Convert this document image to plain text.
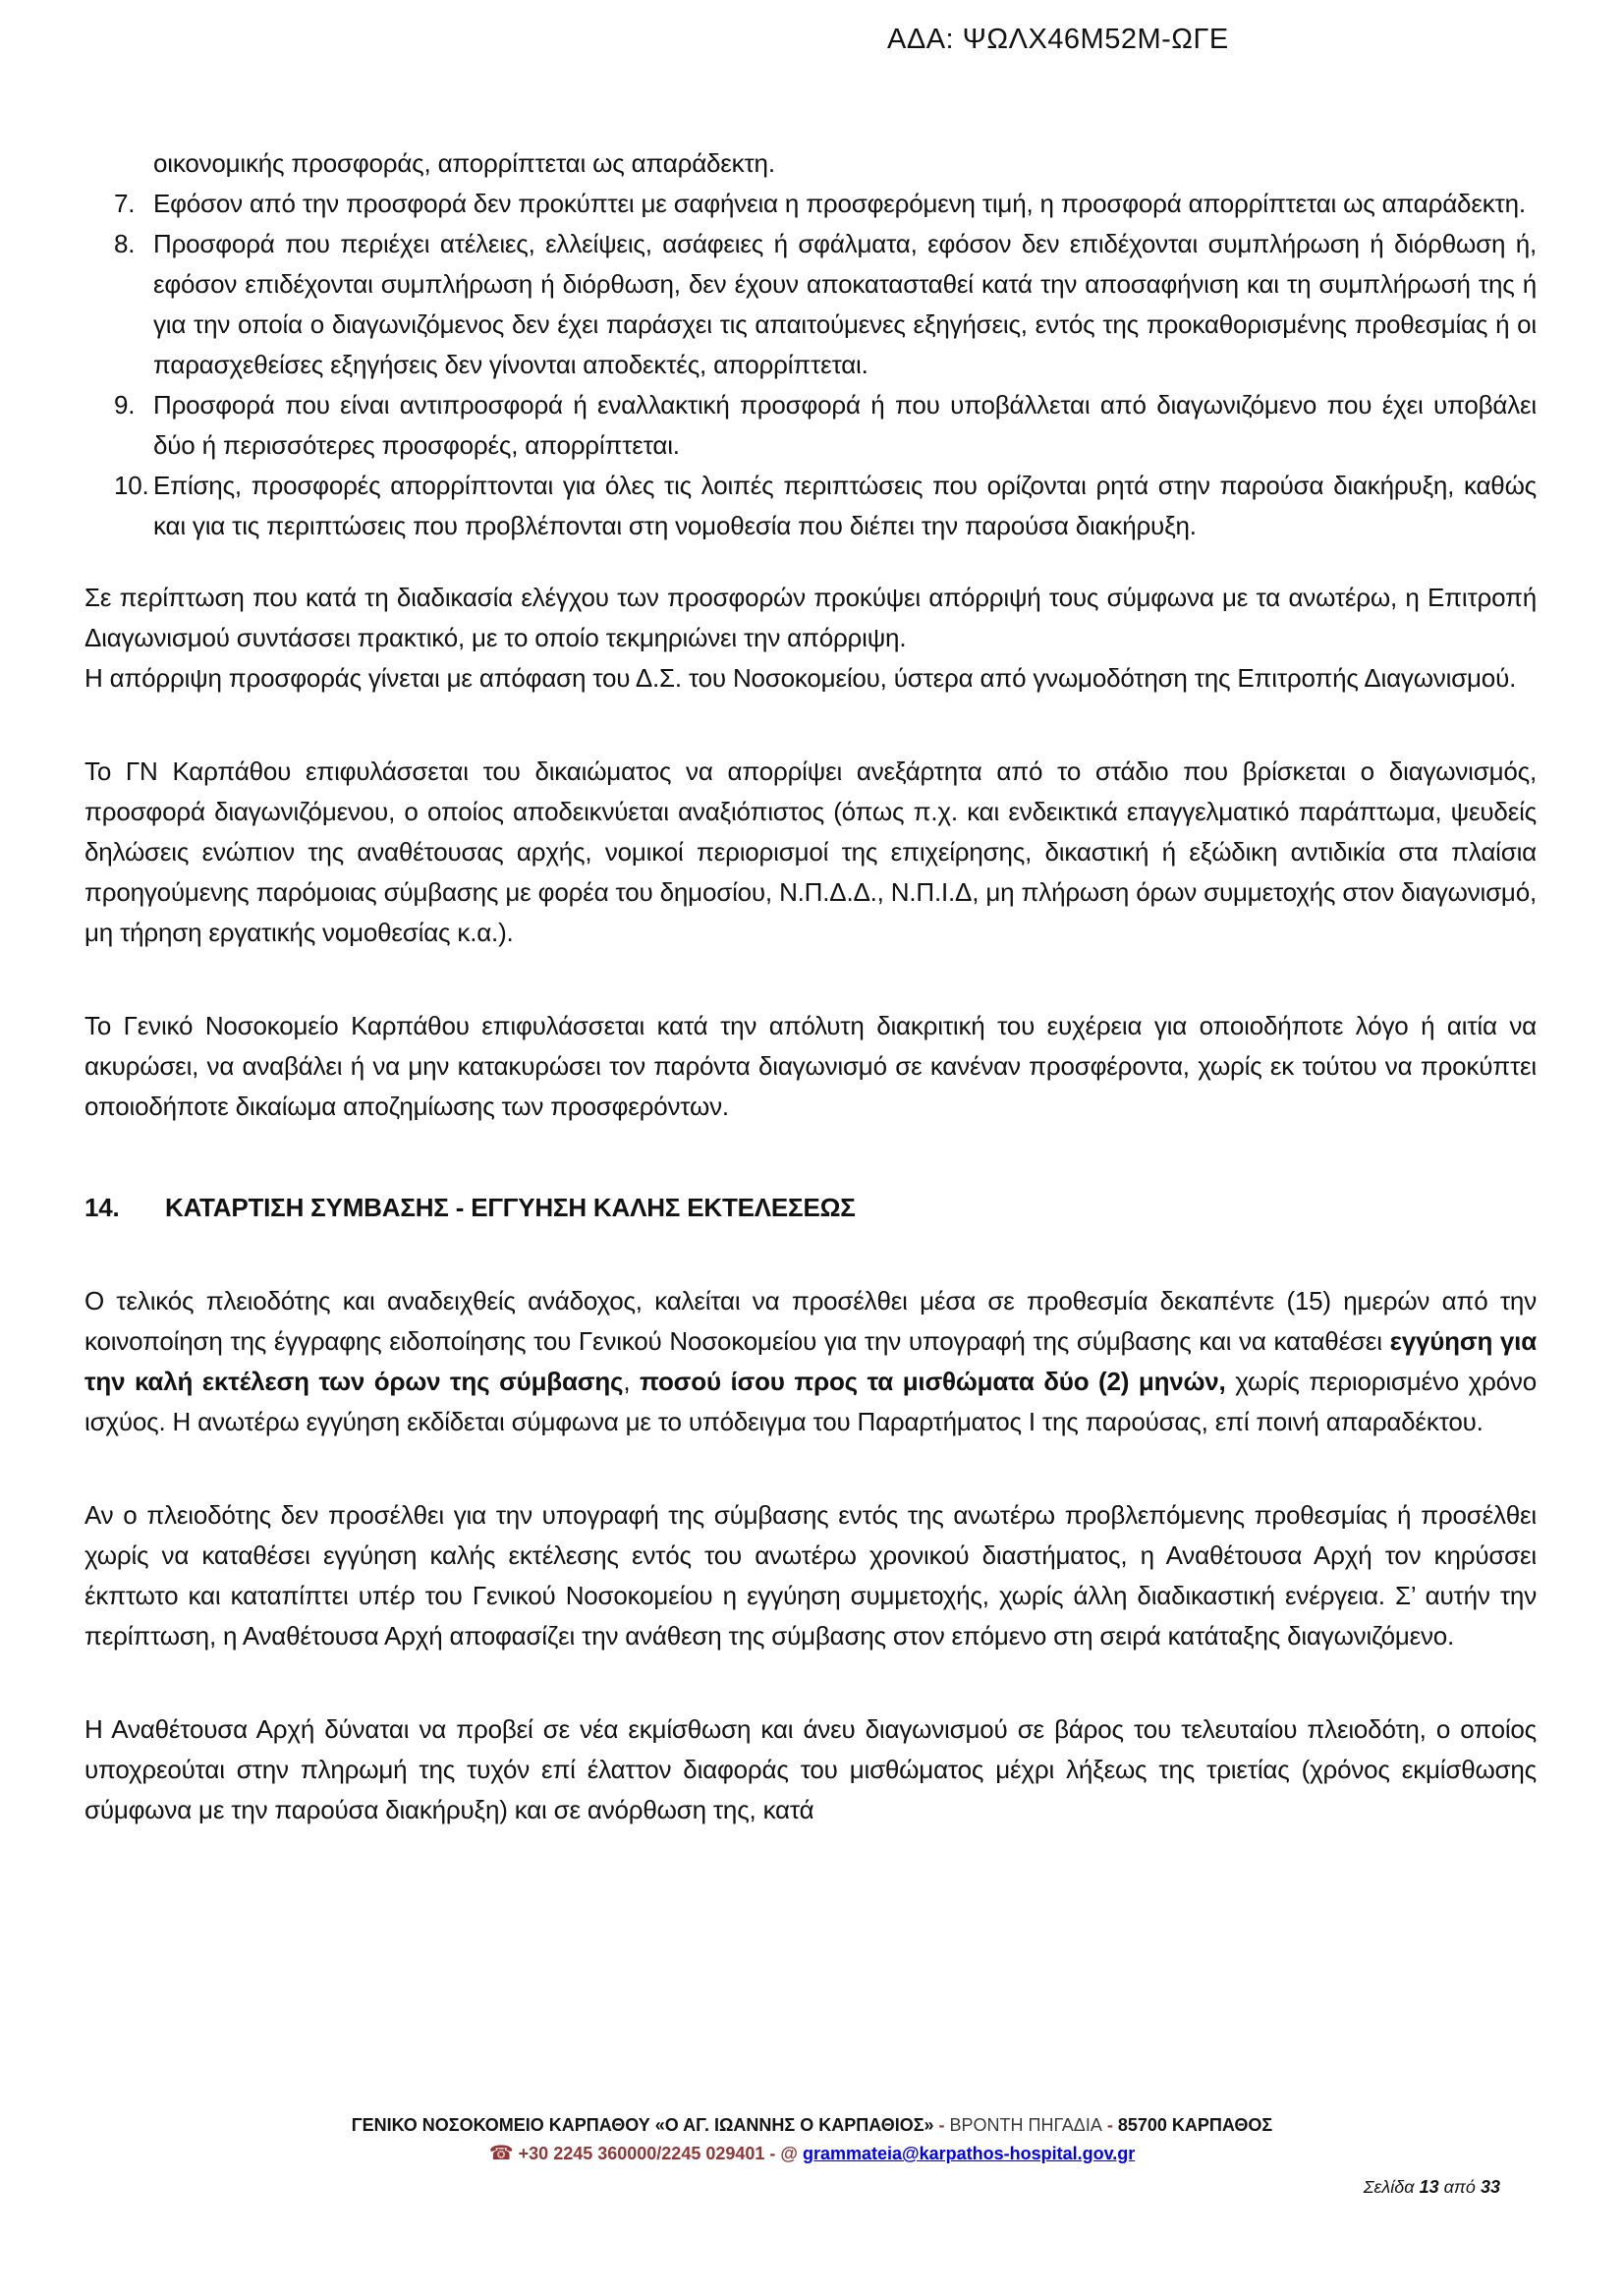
ΑΔΑ: ΨΩΛΧ46Μ52Μ-ΩΓΕ
οικονομικής προσφοράς, απορρίπτεται ως απαράδεκτη.
7. Εφόσον από την προσφορά δεν προκύπτει με σαφήνεια η προσφερόμενη τιμή, η προσφορά απορρίπτεται ως απαράδεκτη.
8. Προσφορά που περιέχει ατέλειες, ελλείψεις, ασάφειες ή σφάλματα, εφόσον δεν επιδέχονται συμπλήρωση ή διόρθωση ή, εφόσον επιδέχονται συμπλήρωση ή διόρθωση, δεν έχουν αποκατασταθεί κατά την αποσαφήνιση και τη συμπλήρωσή της ή για την οποία ο διαγωνιζόμενος δεν έχει παράσχει τις απαιτούμενες εξηγήσεις, εντός της προκαθορισμένης προθεσμίας ή οι παρασχεθείσες εξηγήσεις δεν γίνονται αποδεκτές, απορρίπτεται.
9. Προσφορά που είναι αντιπροσφορά ή εναλλακτική προσφορά ή που υποβάλλεται από διαγωνιζόμενο που έχει υποβάλει δύο ή περισσότερες προσφορές, απορρίπτεται.
10. Επίσης, προσφορές απορρίπτονται για όλες τις λοιπές περιπτώσεις που ορίζονται ρητά στην παρούσα διακήρυξη, καθώς και για τις περιπτώσεις που προβλέπονται στη νομοθεσία που διέπει την παρούσα διακήρυξη.
Σε περίπτωση που κατά τη διαδικασία ελέγχου των προσφορών προκύψει απόρριψή τους σύμφωνα με τα ανωτέρω, η Επιτροπή Διαγωνισμού συντάσσει πρακτικό, με το οποίο τεκμηριώνει την απόρριψη.
Η απόρριψη προσφοράς γίνεται με απόφαση του Δ.Σ. του Νοσοκομείου, ύστερα από γνωμοδότηση της Επιτροπής Διαγωνισμού.
Το ΓΝ Καρπάθου επιφυλάσσεται του δικαιώματος να απορρίψει ανεξάρτητα από το στάδιο που βρίσκεται ο διαγωνισμός, προσφορά διαγωνιζόμενου, ο οποίος αποδεικνύεται αναξιόπιστος (όπως π.χ. και ενδεικτικά επαγγελματικό παράπτωμα, ψευδείς δηλώσεις ενώπιον της αναθέτουσας αρχής, νομικοί περιορισμοί της επιχείρησης, δικαστική ή εξώδικη αντιδικία στα πλαίσια προηγούμενης παρόμοιας σύμβασης με φορέα του δημοσίου, Ν.Π.Δ.Δ., Ν.Π.Ι.Δ, μη πλήρωση όρων συμμετοχής στον διαγωνισμό, μη τήρηση εργατικής νομοθεσίας κ.α.).
Το Γενικό Νοσοκομείο Καρπάθου επιφυλάσσεται κατά την απόλυτη διακριτική του ευχέρεια για οποιοδήποτε λόγο ή αιτία να ακυρώσει, να αναβάλει ή να μην κατακυρώσει τον παρόντα διαγωνισμό σε κανέναν προσφέροντα, χωρίς εκ τούτου να προκύπτει οποιοδήποτε δικαίωμα αποζημίωσης των προσφερόντων.
14.	ΚΑΤΑΡΤΙΣΗ ΣΥΜΒΑΣΗΣ - ΕΓΓΥΗΣΗ ΚΑΛΗΣ ΕΚΤΕΛΕΣΕΩΣ
Ο τελικός πλειοδότης και αναδειχθείς ανάδοχος, καλείται να προσέλθει μέσα σε προθεσμία δεκαπέντε (15) ημερών από την κοινοποίηση της έγγραφης ειδοποίησης του Γενικού Νοσοκομείου για την υπογραφή της σύμβασης και να καταθέσει εγγύηση για την καλή εκτέλεση των όρων της σύμβασης, ποσού ίσου προς τα μισθώματα δύο (2) μηνών, χωρίς περιορισμένο χρόνο ισχύος. Η ανωτέρω εγγύηση εκδίδεται σύμφωνα με το υπόδειγμα του Παραρτήματος Ι της παρούσας, επί ποινή απαραδέκτου.
Αν ο πλειοδότης δεν προσέλθει για την υπογραφή της σύμβασης εντός της ανωτέρω προβλεπόμενης προθεσμίας ή προσέλθει χωρίς να καταθέσει εγγύηση καλής εκτέλεσης εντός του ανωτέρω χρονικού διαστήματος, η Αναθέτουσα Αρχή τον κηρύσσει έκπτωτο και καταπίπτει υπέρ του Γενικού Νοσοκομείου η εγγύηση συμμετοχής, χωρίς άλλη διαδικαστική ενέργεια. Σ’ αυτήν την περίπτωση, η Αναθέτουσα Αρχή αποφασίζει την ανάθεση της σύμβασης στον επόμενο στη σειρά κατάταξης διαγωνιζόμενο.
Η Αναθέτουσα Αρχή δύναται να προβεί σε νέα εκμίσθωση και άνευ διαγωνισμού σε βάρος του τελευταίου πλειοδότη, ο οποίος υποχρεούται στην πληρωμή της τυχόν επί έλαττον διαφοράς του μισθώματος μέχρι λήξεως της τριετίας (χρόνος εκμίσθωσης σύμφωνα με την παρούσα διακήρυξη) και σε ανόρθωση της, κατά
ΓΕΝΙΚΟ ΝΟΣΟΚΟΜΕΙΟ ΚΑΡΠΑΘΟΥ «Ο ΑΓ. ΙΩΑΝΝΗΣ Ο ΚΑΡΠΑΘΙΟΣ» - ΒΡΟΝΤΗ ΠΗΓΑΔΙΑ - 85700 ΚΑΡΠΑΘΟΣ
☎ +30 2245 360000/2245 029401 - @ grammateia@karpathos-hospital.gov.gr
Σελίδα 13 από 33
